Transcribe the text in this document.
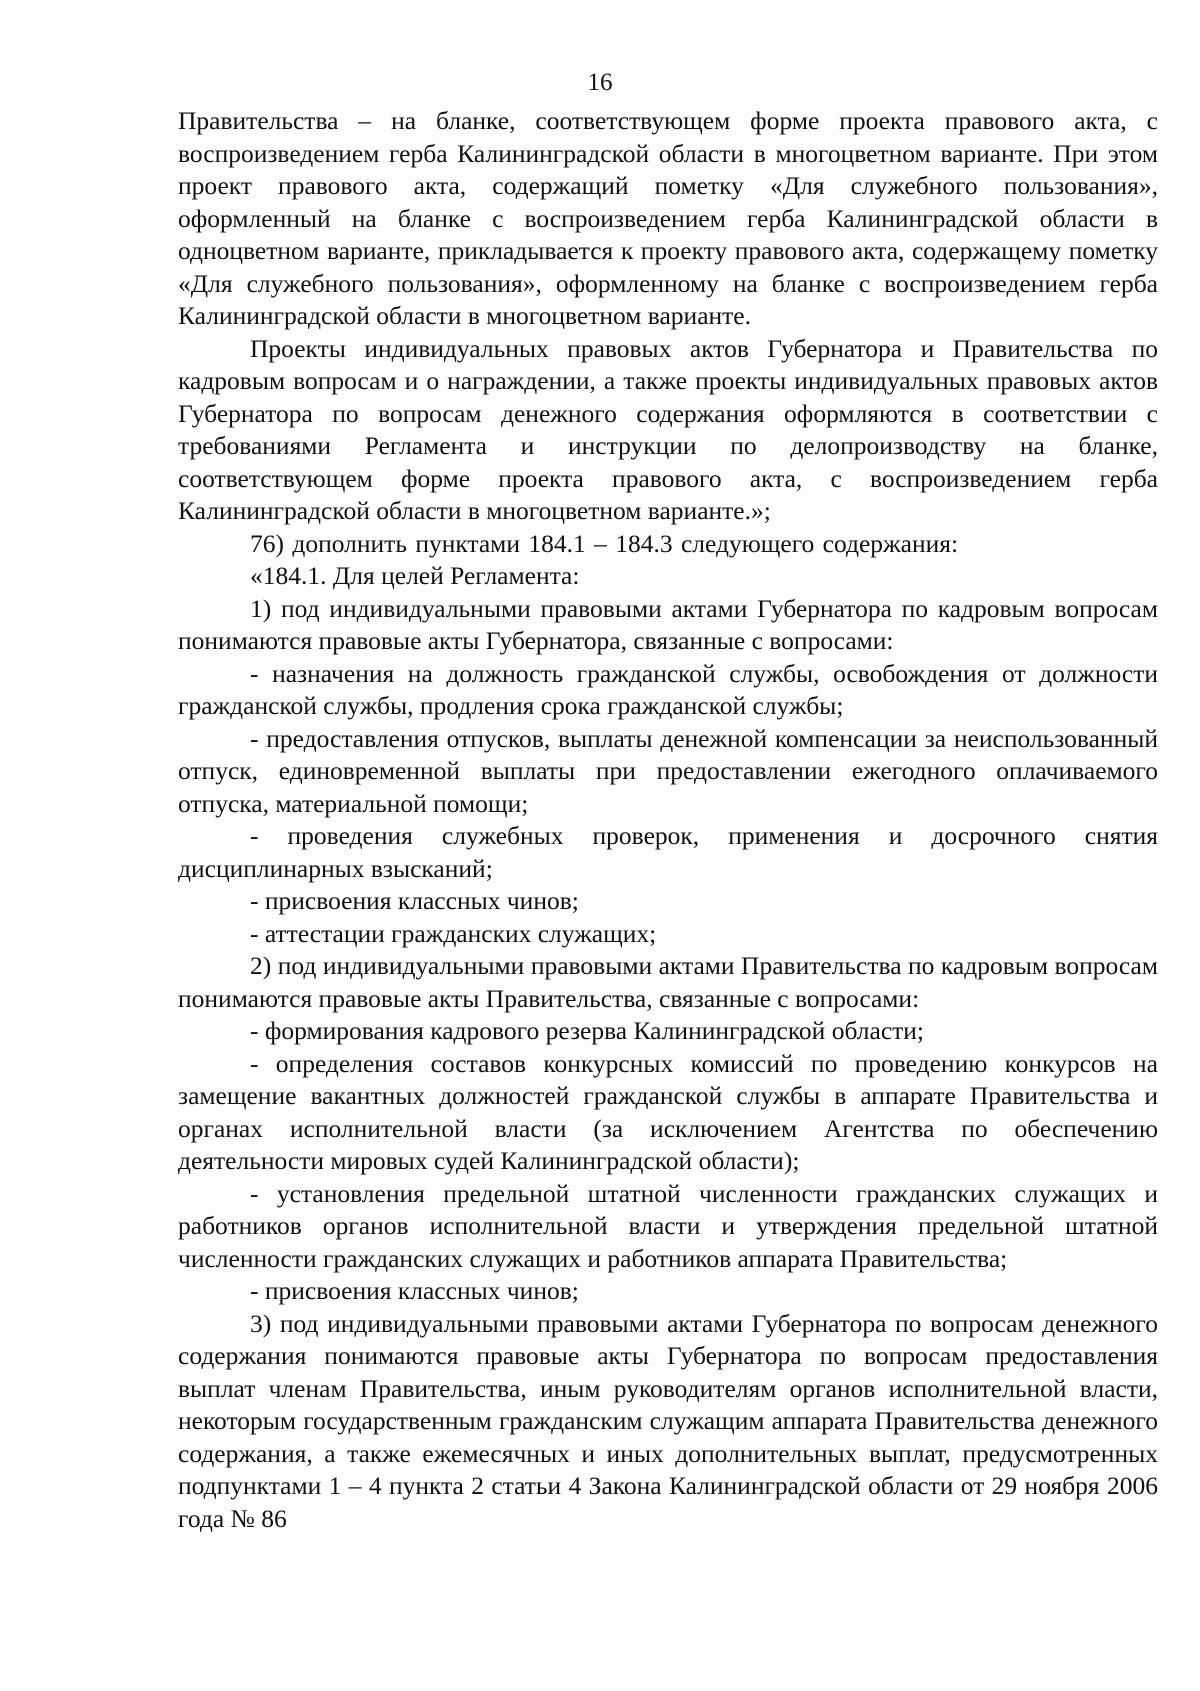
16

Правительства – на бланке, соответствующем форме проекта правового акта, с воспроизведением герба Калининградской области в многоцветном варианте. При этом проект правового акта, содержащий пометку «Для служебного пользования», оформленный на бланке с воспроизведением герба Калининградской области в одноцветном варианте, прикладывается к проекту правового акта, содержащему пометку «Для служебного пользования», оформленному на бланке с воспроизведением герба Калининградской области в многоцветном варианте.

Проекты индивидуальных правовых актов Губернатора и Правительства по кадровым вопросам и о награждении, а также проекты индивидуальных правовых актов Губернатора по вопросам денежного содержания оформляются в соответствии с требованиями Регламента и инструкции по делопроизводству на бланке, соответствующем форме проекта правового акта, с воспроизведением герба Калининградской области в многоцветном варианте.»;

76) дополнить пунктами 184.1 – 184.3 следующего содержания:

«184.1. Для целей Регламента:

1) под индивидуальными правовыми актами Губернатора по кадровым вопросам понимаются правовые акты Губернатора, связанные с вопросами:

- назначения на должность гражданской службы, освобождения от должности гражданской службы, продления срока гражданской службы;

- предоставления отпусков, выплаты денежной компенсации за неиспользованный отпуск, единовременной выплаты при предоставлении ежегодного оплачиваемого отпуска, материальной помощи;

- проведения служебных проверок, применения и досрочного снятия дисциплинарных взысканий;

- присвоения классных чинов;

- аттестации гражданских служащих;

2) под индивидуальными правовыми актами Правительства по кадровым вопросам понимаются правовые акты Правительства, связанные с вопросами:

- формирования кадрового резерва Калининградской области;

- определения составов конкурсных комиссий по проведению конкурсов на замещение вакантных должностей гражданской службы в аппарате Правительства и органах исполнительной власти (за исключением Агентства по обеспечению деятельности мировых судей Калининградской области);

- установления предельной штатной численности гражданских служащих и работников органов исполнительной власти и утверждения предельной штатной численности гражданских служащих и работников аппарата Правительства;

- присвоения классных чинов;

3) под индивидуальными правовыми актами Губернатора по вопросам денежного содержания понимаются правовые акты Губернатора по вопросам предоставления выплат членам Правительства, иным руководителям органов исполнительной власти, некоторым государственным гражданским служащим аппарата Правительства денежного содержания, а также ежемесячных и иных дополнительных выплат, предусмотренных подпунктами 1 – 4 пункта 2 статьи 4 Закона Калининградской области от 29 ноября 2006 года № 86
